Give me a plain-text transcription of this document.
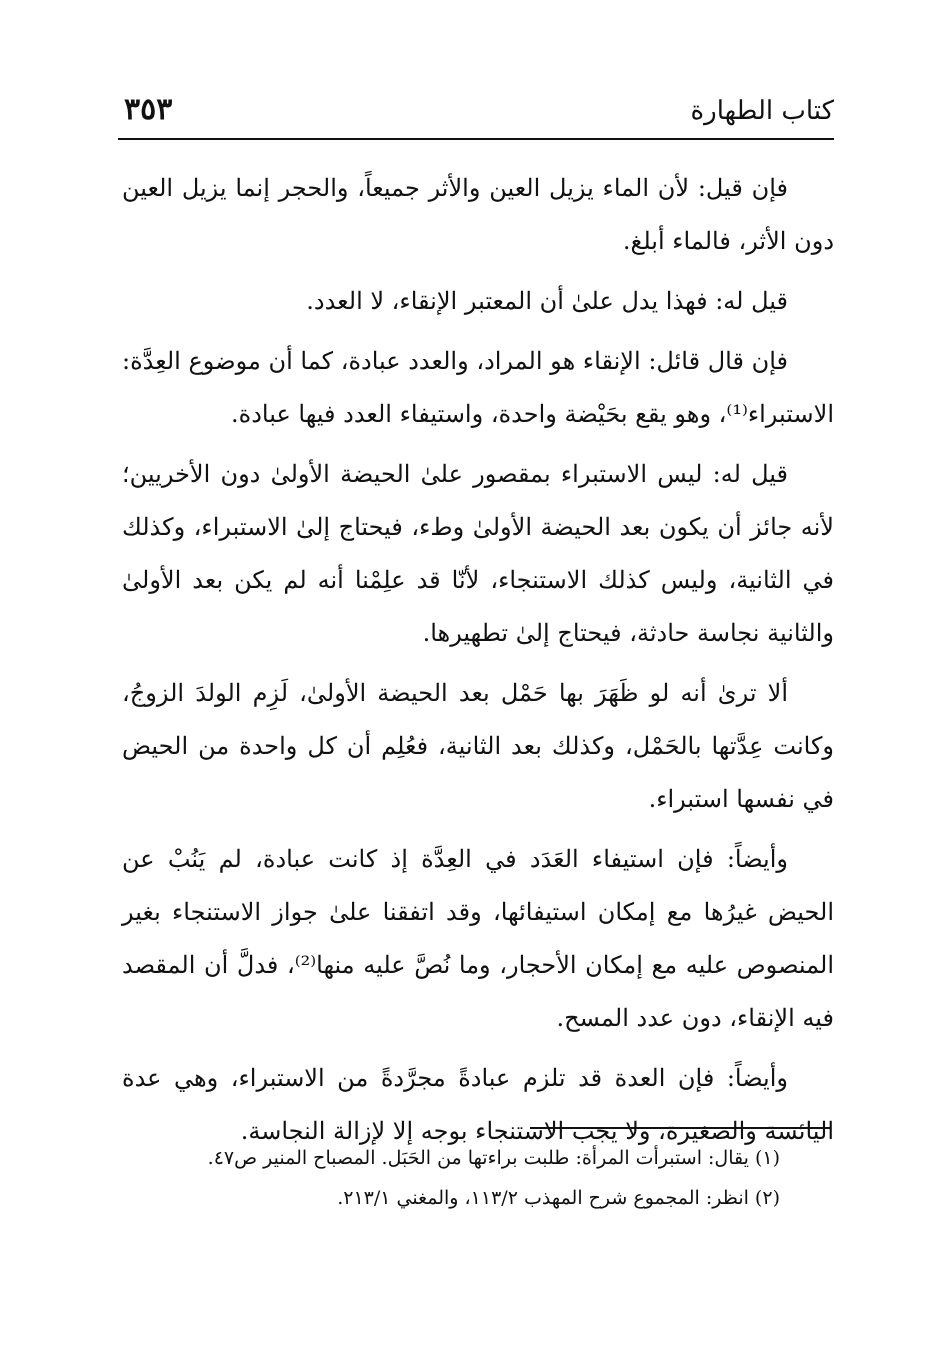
كتاب الطهارة
٣٥٣

فإن قيل: لأن الماء يزيل العين والأثر جميعاً، والحجر إنما يزيل العين دون الأثر، فالماء أبلغ.

قيل له: فهذا يدل علىٰ أن المعتبر الإنقاء، لا العدد.

فإن قال قائل: الإنقاء هو المراد، والعدد عبادة، كما أن موضوع العِدَّة: الاستبراء⁽¹⁾، وهو يقع بحَيْضة واحدة، واستيفاء العدد فيها عبادة.

قيل له: ليس الاستبراء بمقصور علىٰ الحيضة الأولىٰ دون الأخريين؛ لأنه جائز أن يكون بعد الحيضة الأولىٰ وطء، فيحتاج إلىٰ الاستبراء، وكذلك في الثانية، وليس كذلك الاستنجاء، لأنّا قد علِمْنا أنه لم يكن بعد الأولىٰ والثانية نجاسة حادثة، فيحتاج إلىٰ تطهيرها.

ألا ترىٰ أنه لو ظَهَرَ بها حَمْل بعد الحيضة الأولىٰ، لَزِم الولدَ الزوجُ، وكانت عِدَّتها بالحَمْل، وكذلك بعد الثانية، فعُلِم أن كل واحدة من الحيض في نفسها استبراء.

وأيضاً: فإن استيفاء العَدَد في العِدَّة إذ كانت عبادة، لم يَنُبْ عن الحيض غيرُها مع إمكان استيفائها، وقد اتفقنا علىٰ جواز الاستنجاء بغير المنصوص عليه مع إمكان الأحجار، وما نُصَّ عليه منها⁽²⁾، فدلَّ أن المقصد فيه الإنقاء، دون عدد المسح.

وأيضاً: فإن العدة قد تلزم عبادةً مجرَّدةً من الاستبراء، وهي عدة اليائسة والصغيرة، ولا يجب الاستنجاء بوجه إلا لإزالة النجاسة.

(١) يقال: استبرأت المرأة: طلبت براءتها من الحَبَل. المصباح المنير ص٤٧.
(٢) انظر: المجموع شرح المهذب ١١٣/٢، والمغني ٢١٣/١.
